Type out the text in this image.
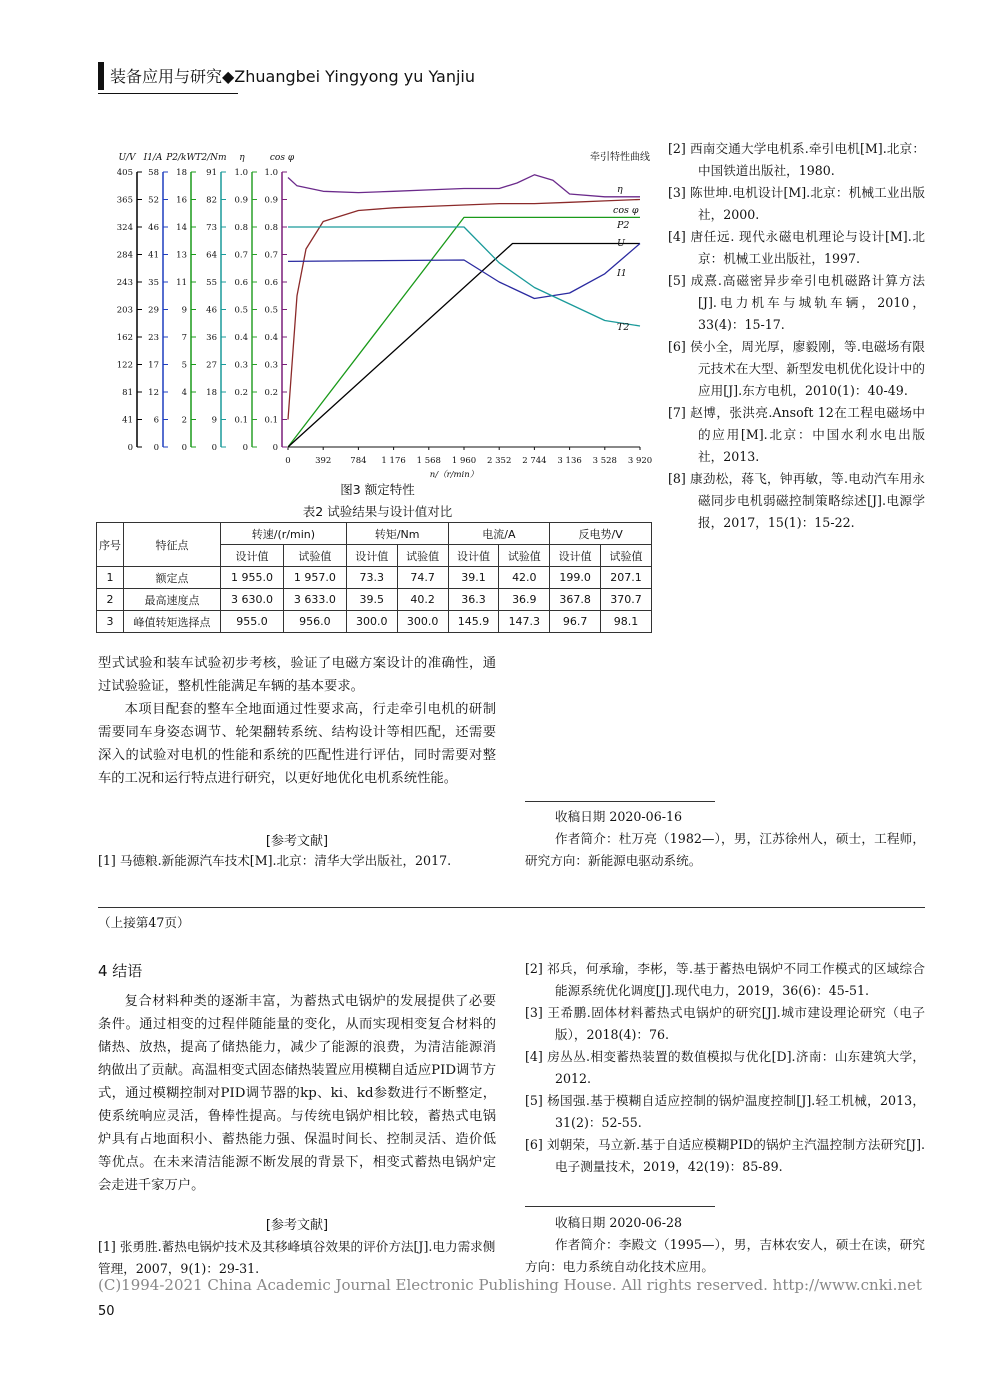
装备应用与研究◆Zhuangbei Yingyong yu Yanjiu
405
365
324
284
243
203
162
122
81
41
0
U/V
58
52
46
41
35
29
23
17
12
6
0
I1/A
18
16
14
13
11
9
7
5
4
2
0
P2/kW
91
82
73
64
55
46
36
27
18
9
0
T2/Nm
1.0
0.9
0.8
0.7
0.6
0.5
0.4
0.3
0.2
0.1
0
η
1.0
0.9
0.8
0.7
0.6
0.5
0.4
0.3
0.2
0.1
0
cos φ
0	392 784 1 176 1 568 1 960 2 352 2 744 3 136 3 528 3 920
n/（r/min）
牵引特性曲线
η
cos φ
P2
U
I1
T2
图3 额定特性
表2 试验结果与设计值对比
序号	特征点	转速/(r/min)		转矩/Nm		电流/A		反电势/V	
		设计值	试验值	设计值	试验值	设计值	试验值	设计值	试验值
1	额定点	1 955.0	1 957.0	73.3	74.7	39.1	42.0	199.0	207.1
2	最高速度点	3 630.0	3 633.0	39.5	40.2	36.3	36.9	367.8	370.7
3	峰值转矩选择点	955.0	956.0	300.0	300.0	145.9	147.3	96.7	98.1
[2] 西南交通大学电机系.牵引电机[M].北京：中国铁道出版社，1980.
[3] 陈世坤.电机设计[M].北京：机械工业出版社，2000.
[4] 唐任远. 现代永磁电机理论与设计[M].北京：机械工业出版社，1997.
[5] 成熹.高磁密异步牵引电机磁路计算方法[J].电力机车与城轨车辆，2010，33(4)：15-17.
[6] 侯小全，周光厚，廖毅刚，等.电磁场有限元技术在大型、新型发电机优化设计中的应用[J].东方电机，2010(1)：40-49.
[7] 赵博，张洪亮.Ansoft 12在工程电磁场中的应用[M].北京：中国水利水电出版社，2013.
[8] 康劲松，蒋飞，钟再敏，等.电动汽车用永磁同步电机弱磁控制策略综述[J].电源学报，2017，15(1)：15-22.
型式试验和装车试验初步考核，验证了电磁方案设计的准确性，通过试验验证，整机性能满足车辆的基本要求。
本项目配套的整车全地面通过性要求高，行走牵引电机的研制需要同车身姿态调节、轮架翻转系统、结构设计等相匹配，还需要深入的试验对电机的性能和系统的匹配性进行评估，同时需要对整车的工况和运行特点进行研究，以更好地优化电机系统性能。
[参考文献]
[1] 马德粮.新能源汽车技术[M].北京：清华大学出版社，2017.
收稿日期 2020-06-16
作者简介：杜万亮（1982—），男，江苏徐州人，硕士，工程师，研究方向：新能源电驱动系统。
（上接第47页）
4 结语
复合材料种类的逐渐丰富，为蓄热式电锅炉的发展提供了必要条件。通过相变的过程伴随能量的变化，从而实现相变复合材料的储热、放热，提高了储热能力，减少了能源的浪费，为清洁能源消纳做出了贡献。高温相变式固态储热装置应用模糊自适应PID调节方式，通过模糊控制对PID调节器的kp、ki、kd参数进行不断整定，使系统响应灵活，鲁棒性提高。与传统电锅炉相比较，蓄热式电锅炉具有占地面积小、蓄热能力强、保温时间长、控制灵活、造价低等优点。在未来清洁能源不断发展的背景下，相变式蓄热电锅炉定会走进千家万户。
[参考文献]
[1] 张勇胜.蓄热电锅炉技术及其移峰填谷效果的评价方法[J].电力需求侧管理，2007，9(1)：29-31.
[2] 祁兵，何承瑜，李彬，等.基于蓄热电锅炉不同工作模式的区域综合能源系统优化调度[J].现代电力，2019，36(6)：45-51.
[3] 王希鹏.固体材料蓄热式电锅炉的研究[J].城市建设理论研究（电子版），2018(4)：76.
[4] 房丛丛.相变蓄热装置的数值模拟与优化[D].济南：山东建筑大学，2012.
[5] 杨国强.基于模糊自适应控制的锅炉温度控制[J].轻工机械，2013，31(2)：52-55.
[6] 刘朝荣，马立新.基于自适应模糊PID的锅炉主汽温控制方法研究[J].电子测量技术，2019，42(19)：85-89.
收稿日期 2020-06-28
作者简介：李殿文（1995—），男，吉林农安人，硕士在读，研究方向：电力系统自动化技术应用。
(C)1994-2021 China Academic Journal Electronic Publishing House. All rights reserved. http://www.cnki.net
50
